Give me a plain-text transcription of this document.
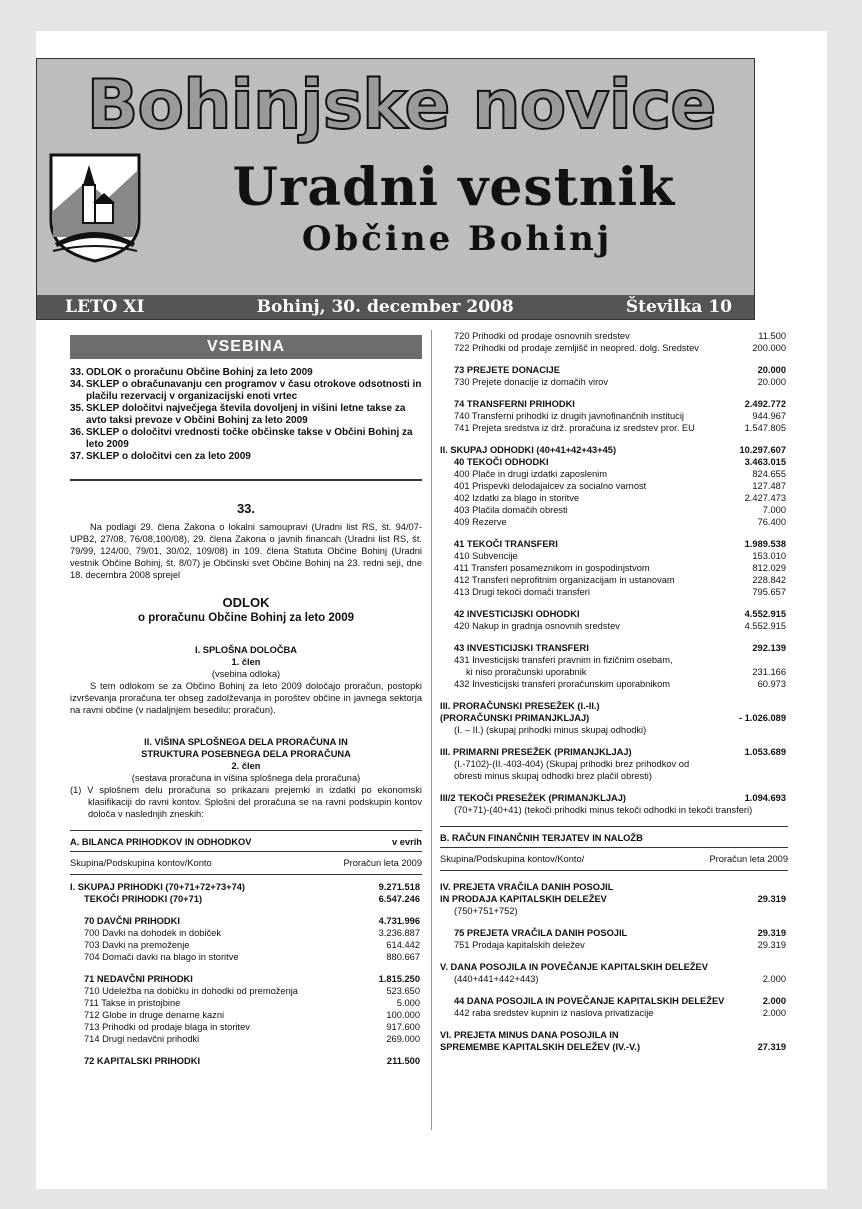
Bohinjske novice
Uradni vestnik
Občine Bohinj
LETO XI	Bohinj, 30. december 2008	Številka 10
VSEBINA
33. ODLOK o proračunu Občine Bohinj za leto 2009
34. SKLEP o obračunavanju cen programov v času otrokove odsotnosti in plačilu rezervacij v organizacijski enoti vrtec
35. SKLEP določitvi največjega števila dovoljenj in višini letne takse za avto taksi prevoze v Občini Bohinj za leto 2009
36. SKLEP o določitvi vrednosti točke občinske takse v Občini Bohinj za leto 2009
37. SKLEP o določitvi cen za leto 2009
33.
Na podlagi 29. člena Zakona o lokalni samoupravi (Uradni list RS, št. 94/07-UPB2, 27/08, 76/08,100/08), 29. člena Zakona o javnih financah (Uradni list RS, št. 79/99, 124/00, 79/01, 30/02, 109/08) in 109. člena Statuta Občine Bohinj (Uradni vestnik Občine Bohinj, št. 8/07) je Občinski svet Občine Bohinj na 23. redni seji, dne 18. decembra 2008 sprejel
ODLOK
o proračunu Občine Bohinj za leto 2009
I. SPLOŠNA DOLOČBA
1. člen
(vsebina odloka)
S tem odlokom se za Občino Bohinj za leto 2009 določajo proračun, postopki izvrševanja proračuna ter obseg zadolževanja in poroštev občine in javnega sektorja na ravni občine (v nadaljnjem besedilu: proračun).
II. VIŠINA SPLOŠNEGA DELA PRORAČUNA IN
STRUKTURA POSEBNEGA DELA PRORAČUNA
2. člen
(sestava proračuna in višina splošnega dela proračuna)
(1) V splošnem delu proračuna so prikazani prejemki in izdatki po ekonomski klasifikaciji do ravni kontov. Splošni del proračuna se na ravni podskupin kontov določa v naslednjih zneskih:
A. BILANCA PRIHODKOV IN ODHODKOV	v evrih
Skupina/Podskupina kontov/Konto	Proračun leta 2009
I. SKUPAJ PRIHODKI (70+71+72+73+74)	9.271.518
TEKOČI PRIHODKI (70+71)	6.547.246
70 DAVČNI PRIHODKI	4.731.996
700 Davki na dohodek in dobiček	3.236.887
703 Davki na premoženje	614.442
704 Domači davki na blago in storitve	880.667
71 NEDAVČNI PRIHODKI	1.815.250
710 Udeležba na dobičku in dohodki od premoženja	523.650
711 Takse in pristojbine	5.000
712 Globe in druge denarne kazni	100.000
713 Prihodki od prodaje blaga in storitev	917.600
714 Drugi nedavčni prihodki	269.000
72 KAPITALSKI PRIHODKI	211.500
720 Prihodki od prodaje osnovnih sredstev	11.500
722 Prihodki od prodaje zemljišč in neopred. dolg. Sredstev	200.000
73 PREJETE DONACIJE	20.000
730 Prejete donacije iz domačih virov	20.000
74 TRANSFERNI PRIHODKI	2.492.772
740 Transferni prihodki iz drugih javnofinančnih institucij	944.967
741 Prejeta sredstva iz drž. proračuna iz sredstev pror. EU	1.547.805
II. SKUPAJ ODHODKI (40+41+42+43+45)	10.297.607
40 TEKOČI ODHODKI	3.463.015
400 Plače in drugi izdatki zaposlenim	824.655
401 Prispevki delodajalcev za socialno varnost	127.487
402 Izdatki za blago in storitve	2.427.473
403 Plačila domačih obresti	7.000
409 Rezerve	76.400
41 TEKOČI TRANSFERI	1.989.538
410 Subvencije	153.010
411 Transferi posameznikom in gospodinjstvom	812.029
412 Transferi neprofitnim organizacijam in ustanovam	228.842
413 Drugi tekoči domači transferi	795.657
42 INVESTICIJSKI ODHODKI	4.552.915
420 Nakup in gradnja osnovnih sredstev	4.552.915
43 INVESTICIJSKI TRANSFERI	292.139
431 Investicijski transferi pravnim in fizičnim osebam,
ki niso proračunski uporabnik	231.166
432 Investicijski transferi proračunskim uporabnikom	60.973
III. PRORAČUNSKI PRESEŽEK (I.-II.)
(PRORAČUNSKI PRIMANJKLJAJ)	- 1.026.089
(I. – II.) (skupaj prihodki minus skupaj odhodki)
III. PRIMARNI PRESEŽEK (PRIMANJKLJAJ)	1.053.689
(I.-7102)-(II.-403-404) (Skupaj prihodki brez prihodkov od
obresti minus skupaj odhodki brez plačil obresti)
III/2 TEKOČI PRESEŽEK (PRIMANJKLJAJ)	1.094.693
(70+71)-(40+41) (tekoči prihodki minus tekoči odhodki in tekoči transferi)
B. RAČUN FINANČNIH TERJATEV IN NALOŽB
Skupina/Podskupina kontov/Konto/	Proračun leta 2009
IV. PREJETA VRAČILA DANIH POSOJIL
IN PRODAJA KAPITALSKIH DELEŽEV	29.319
(750+751+752)
75 PREJETA VRAČILA DANIH POSOJIL	29.319
751 Prodaja kapitalskih deležev	29.319
V. DANA POSOJILA IN POVEČANJE KAPITALSKIH DELEŽEV
(440+441+442+443)	2.000
44 DANA POSOJILA IN POVEČANJE KAPITALSKIH DELEŽEV	2.000
442 raba sredstev kupnin iz naslova privatizacije	2.000
VI. PREJETA MINUS DANA POSOJILA IN
SPREMEMBE KAPITALSKIH DELEŽEV (IV.-V.)	27.319
